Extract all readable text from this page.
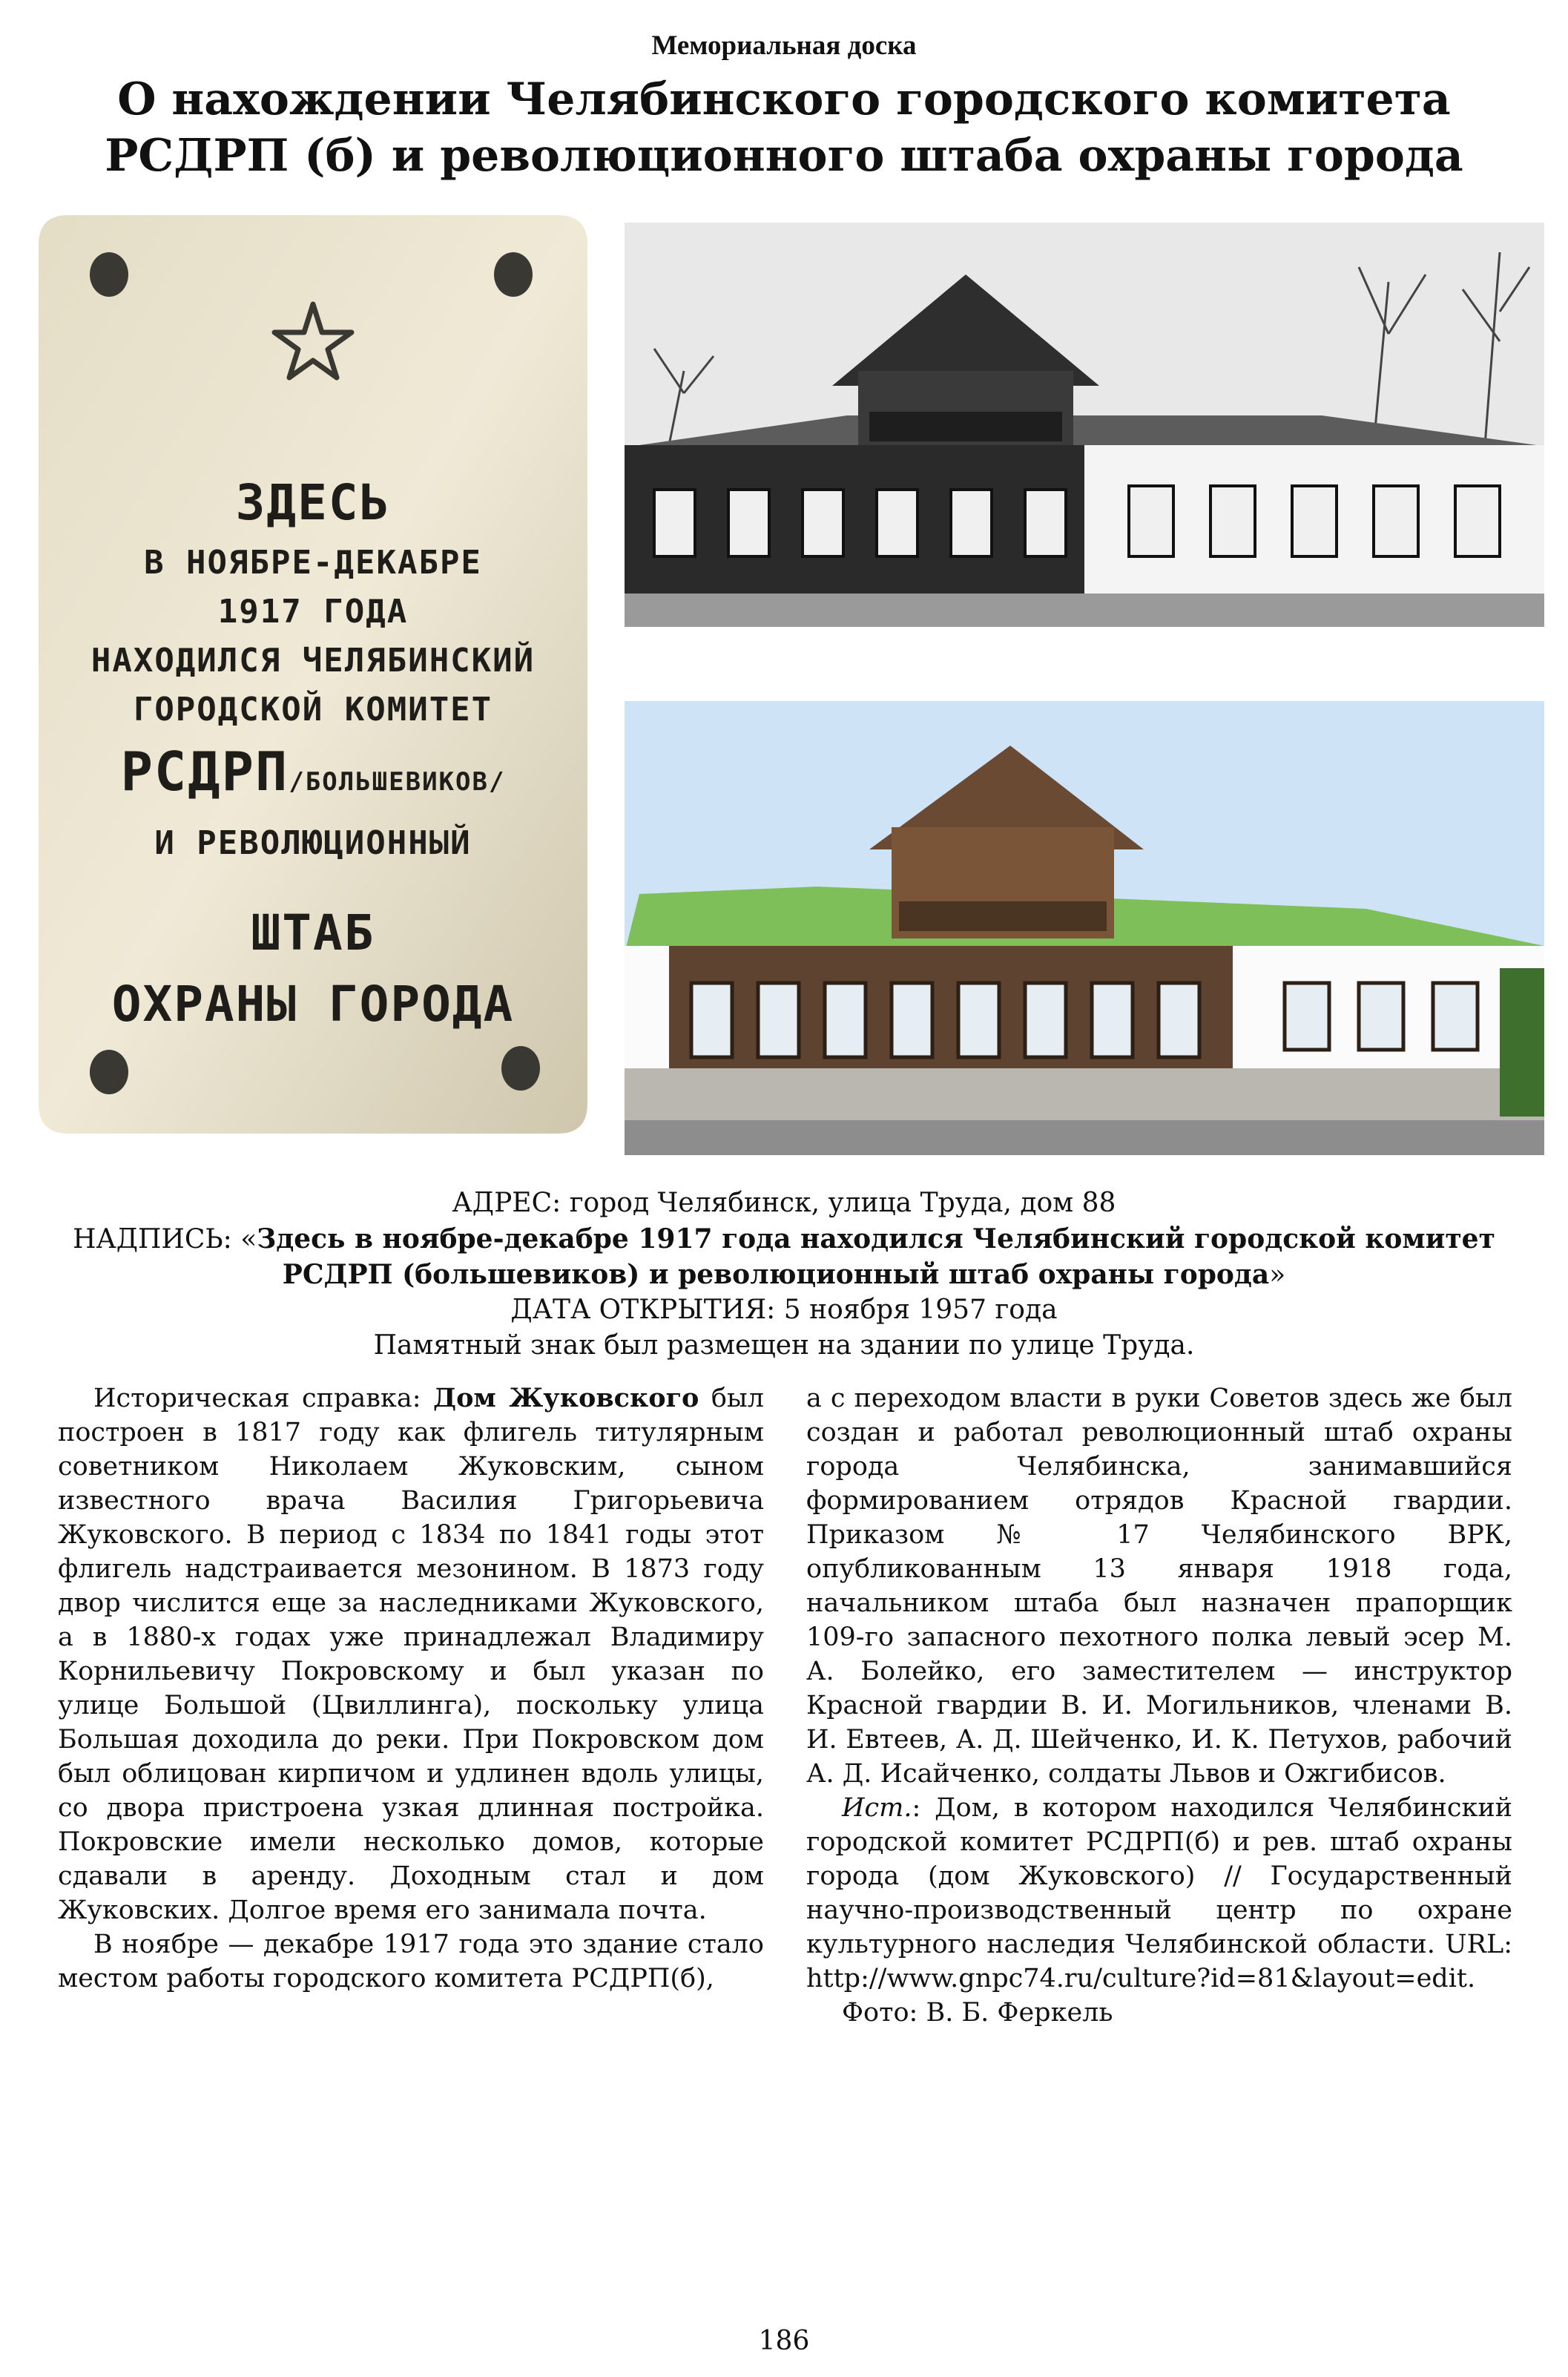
Мемориальная доска
О нахождении Челябинского городского комитета
РСДРП (б) и революционного штаба охраны города
ЗДЕСЬ
В НОЯБРЕ-ДЕКАБРЕ
1917 ГОДА
НАХОДИЛСЯ ЧЕЛЯБИНСКИЙ
ГОРОДСКОЙ КОМИТЕТ
РСДРП/БОЛЬШЕВИКОВ/
И РЕВОЛЮЦИОННЫЙ
ШТАБ
ОХРАНЫ ГОРОДА
АДРЕС: город Челябинск, улица Труда, дом 88
НАДПИСЬ: «Здесь в ноябре-декабре 1917 года находился Челябинский городской комитет
РСДРП (большевиков) и революционный штаб охраны города»
ДАТА ОТКРЫТИЯ: 5 ноября 1957 года
Памятный знак был размещен на здании по улице Труда.

Историческая справка: Дом Жуковского был построен в 1817 году как флигель титулярным советником Николаем Жуковским, сыном известного врача Василия Григорьевича Жуковского. В период с 1834 по 1841 годы этот флигель надстраивается мезонином. В 1873 году двор числится еще за наследниками Жуковского, а в 1880-х годах уже принадлежал Владимиру Корнильевичу Покровскому и был указан по улице Большой (Цвиллинга), поскольку улица Большая доходила до реки. При Покровском дом был облицован кирпичом и удлинен вдоль улицы, со двора пристроена узкая длинная постройка. Покровские имели несколько домов, которые сдавали в аренду. Доходным стал и дом Жуковских. Долгое время его занимала почта.

В ноябре — декабре 1917 года это здание стало местом работы городского комитета РСДРП(б),

а с переходом власти в руки Советов здесь же был создан и работал революционный штаб охраны города Челябинска, занимавшийся формированием отрядов Красной гвардии. Приказом № 17 Челябинского ВРК, опубликованным 13 января 1918 года, начальником штаба был назначен прапорщик 109-го запасного пехотного полка левый эсер М. А. Болейко, его заместителем — инструктор Красной гвардии В. И. Могильников, членами В. И. Евтеев, А. Д. Шейченко, И. К. Петухов, рабочий А. Д. Исайченко, солдаты Львов и Ожгибисов.

Ист.: Дом, в котором находился Челябинский городской комитет РСДРП(б) и рев. штаб охраны города (дом Жуковского) // Государственный научно-производственный центр по охране культурного наследия Челябинской области. URL: http://www.gnpc74.ru/culture?id=81&layout=edit.

Фото: В. Б. Феркель

186
